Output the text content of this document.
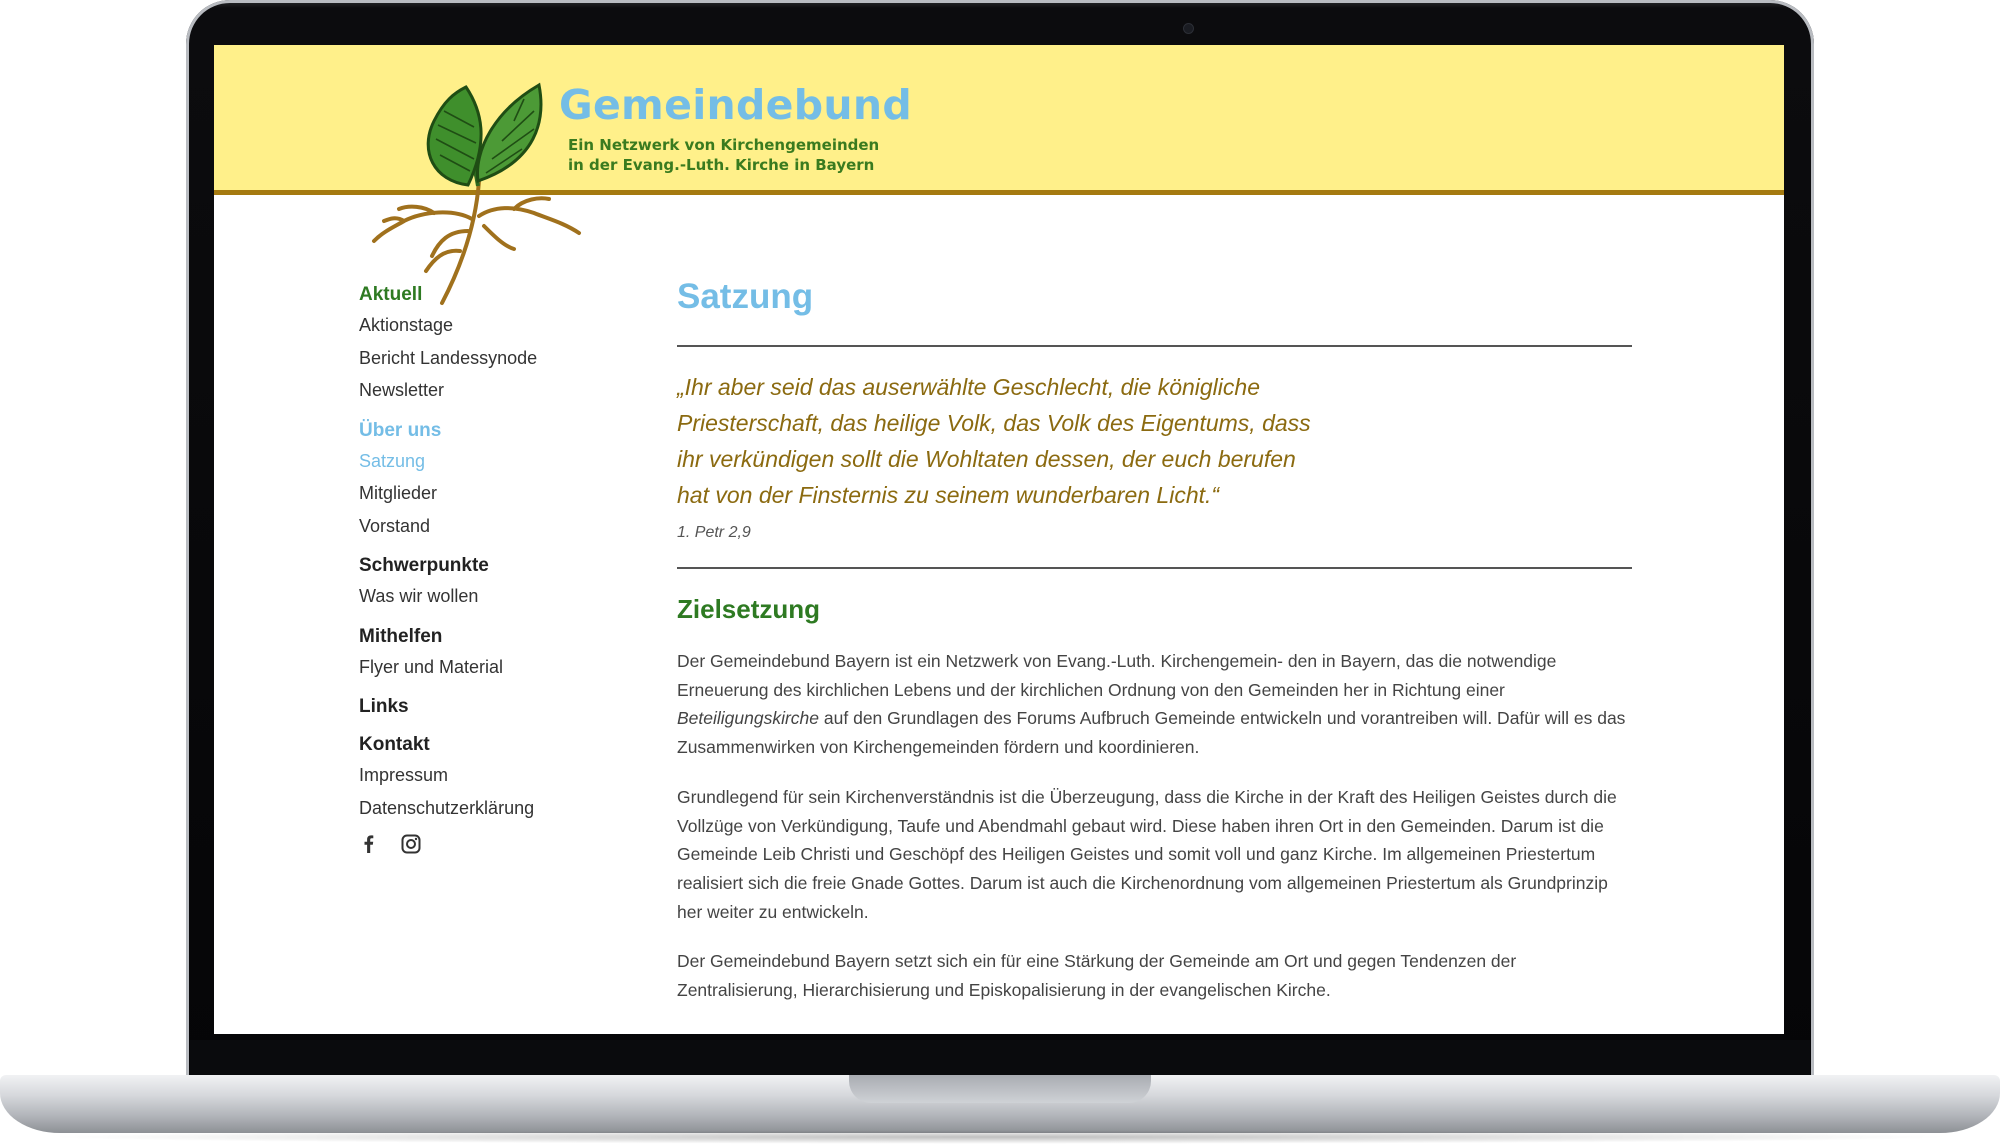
Gemeindebund
Ein Netzwerk von Kirchengemeinden
in der Evang.-Luth. Kirche in Bayern
Aktuell
Aktionstage
Bericht Landessynode
Newsletter
Über uns
Satzung
Mitglieder
Vorstand
Schwerpunkte
Was wir wollen
Mithelfen
Flyer und Material
Links
Kontakt
Impressum
Datenschutzerklärung
Satzung

„Ihr aber seid das auserwählte Geschlecht, die königliche

Priesterschaft, das heilige Volk, das Volk des Eigentums, dass

ihr verkündigen sollt die Wohltaten dessen, der euch berufen

hat von der Finsternis zu seinem wunderbaren Licht.“

1. Petr 2,9

Zielsetzung

Der Gemeindebund Bayern ist ein Netzwerk von Evang.-Luth. Kirchengemein- den in Bayern, das die notwendige Erneuerung des kirchlichen Lebens und der kirchlichen Ordnung von den Gemeinden her in Richtung einer Beteiligungskirche auf den Grundlagen des Forums Aufbruch Gemeinde entwickeln und vorantreiben will. Dafür will es das Zusammenwirken von Kirchengemeinden fördern und koordinieren.

Grundlegend für sein Kirchenverständnis ist die Überzeugung, dass die Kirche in der Kraft des Heiligen Geistes durch die Vollzüge von Verkündigung, Taufe und Abendmahl gebaut wird. Diese haben ihren Ort in den Gemeinden. Darum ist die Gemeinde Leib Christi und Geschöpf des Heiligen Geistes und somit voll und ganz Kirche. Im allgemeinen Priestertum realisiert sich die freie Gnade Gottes. Darum ist auch die Kirchenordnung vom allgemeinen Priestertum als Grundprinzip her weiter zu entwickeln.

Der Gemeindebund Bayern setzt sich ein für eine Stärkung der Gemeinde am Ort und gegen Tendenzen der Zentralisierung, Hierarchisierung und Episkopalisierung in der evangelischen Kirche.
